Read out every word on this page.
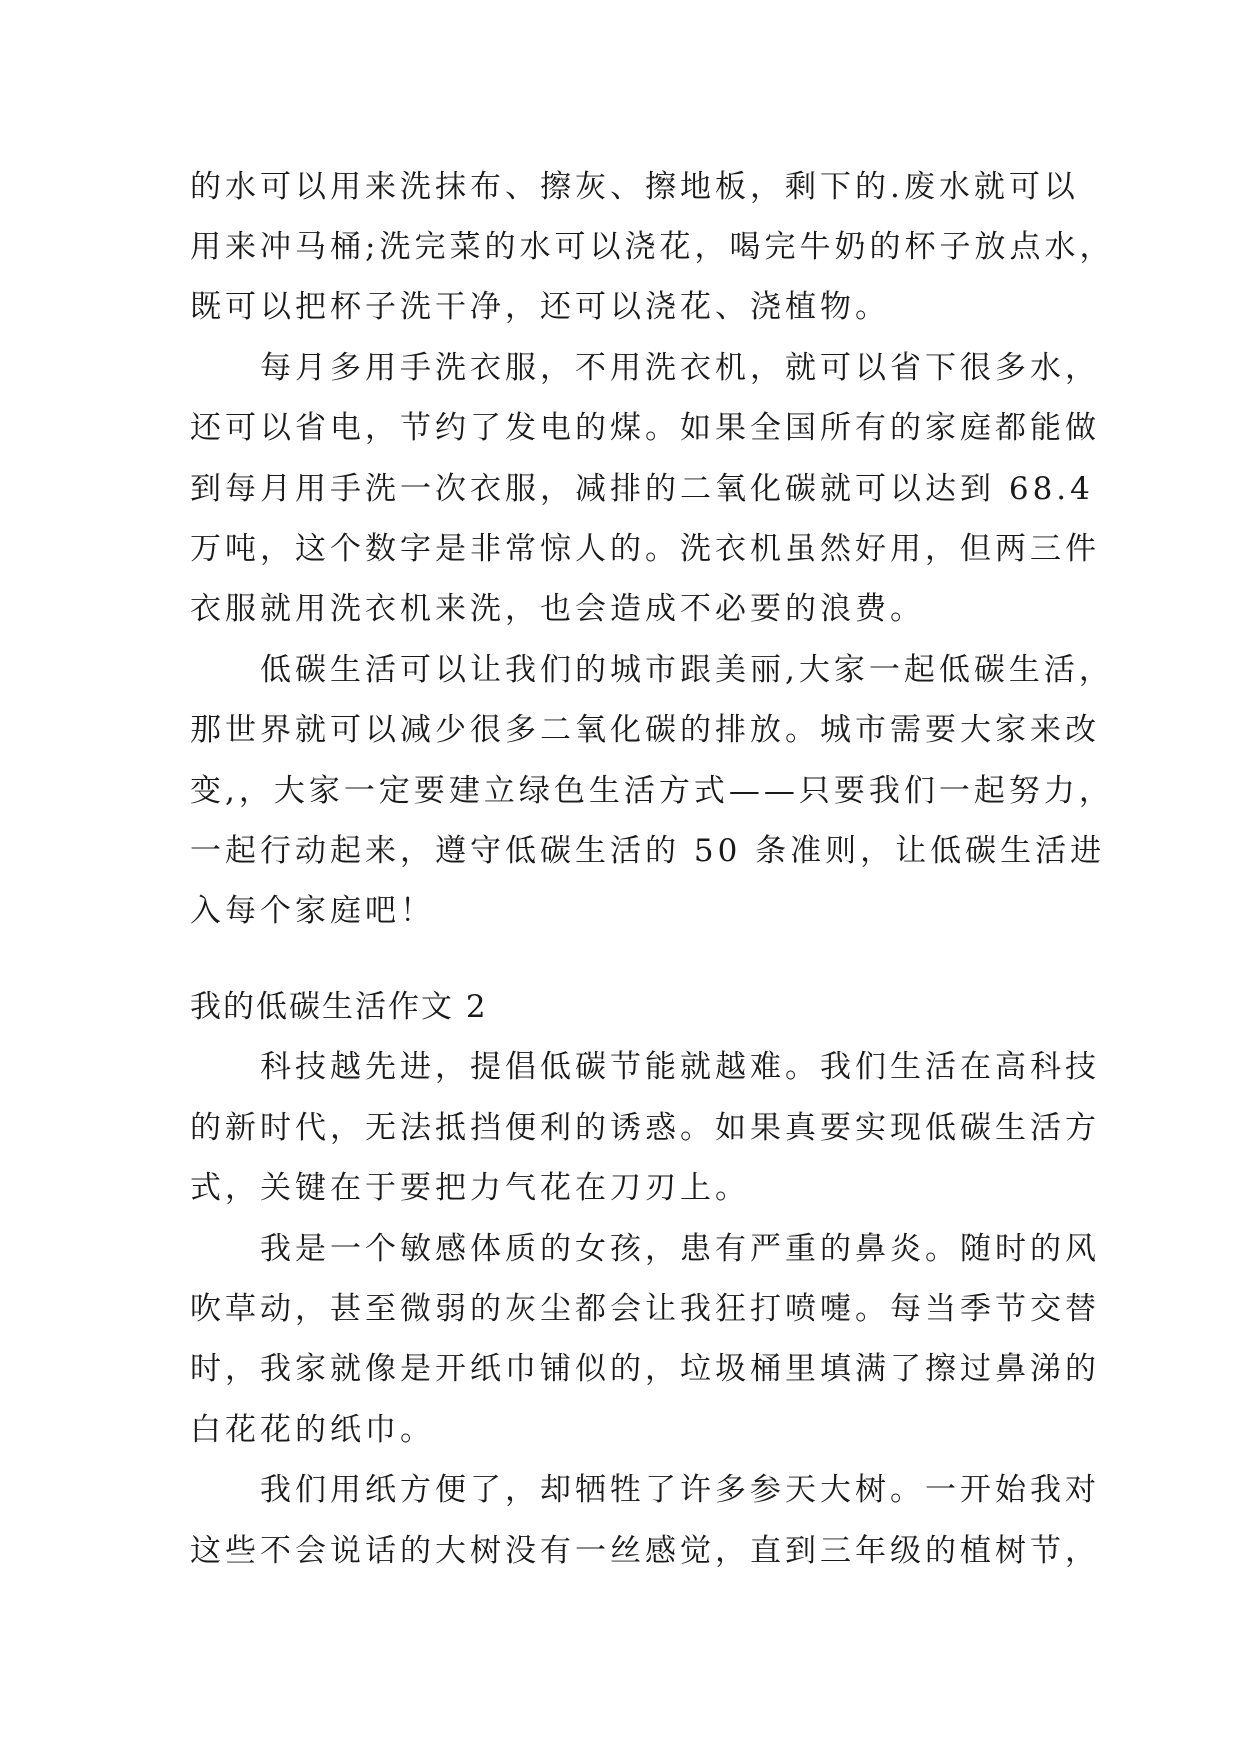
的水可以用来洗抹布、擦灰、擦地板，剩下的.废水就可以
用来冲马桶;洗完菜的水可以浇花，喝完牛奶的杯子放点水，
既可以把杯子洗干净，还可以浇花、浇植物。
　　每月多用手洗衣服，不用洗衣机，就可以省下很多水，
还可以省电，节约了发电的煤。如果全国所有的家庭都能做
到每月用手洗一次衣服，减排的二氧化碳就可以达到 68.4
万吨，这个数字是非常惊人的。洗衣机虽然好用，但两三件
衣服就用洗衣机来洗，也会造成不必要的浪费。
　　低碳生活可以让我们的城市跟美丽,大家一起低碳生活，
那世界就可以减少很多二氧化碳的排放。城市需要大家来改
变,，大家一定要建立绿色生活方式——只要我们一起努力，
一起行动起来，遵守低碳生活的 50 条准则，让低碳生活进
入每个家庭吧！
我的低碳生活作文 2
　　科技越先进，提倡低碳节能就越难。我们生活在高科技
的新时代，无法抵挡便利的诱惑。如果真要实现低碳生活方
式，关键在于要把力气花在刀刃上。
　　我是一个敏感体质的女孩，患有严重的鼻炎。随时的风
吹草动，甚至微弱的灰尘都会让我狂打喷嚏。每当季节交替
时，我家就像是开纸巾铺似的，垃圾桶里填满了擦过鼻涕的
白花花的纸巾。
　　我们用纸方便了，却牺牲了许多参天大树。一开始我对
这些不会说话的大树没有一丝感觉，直到三年级的植树节，
